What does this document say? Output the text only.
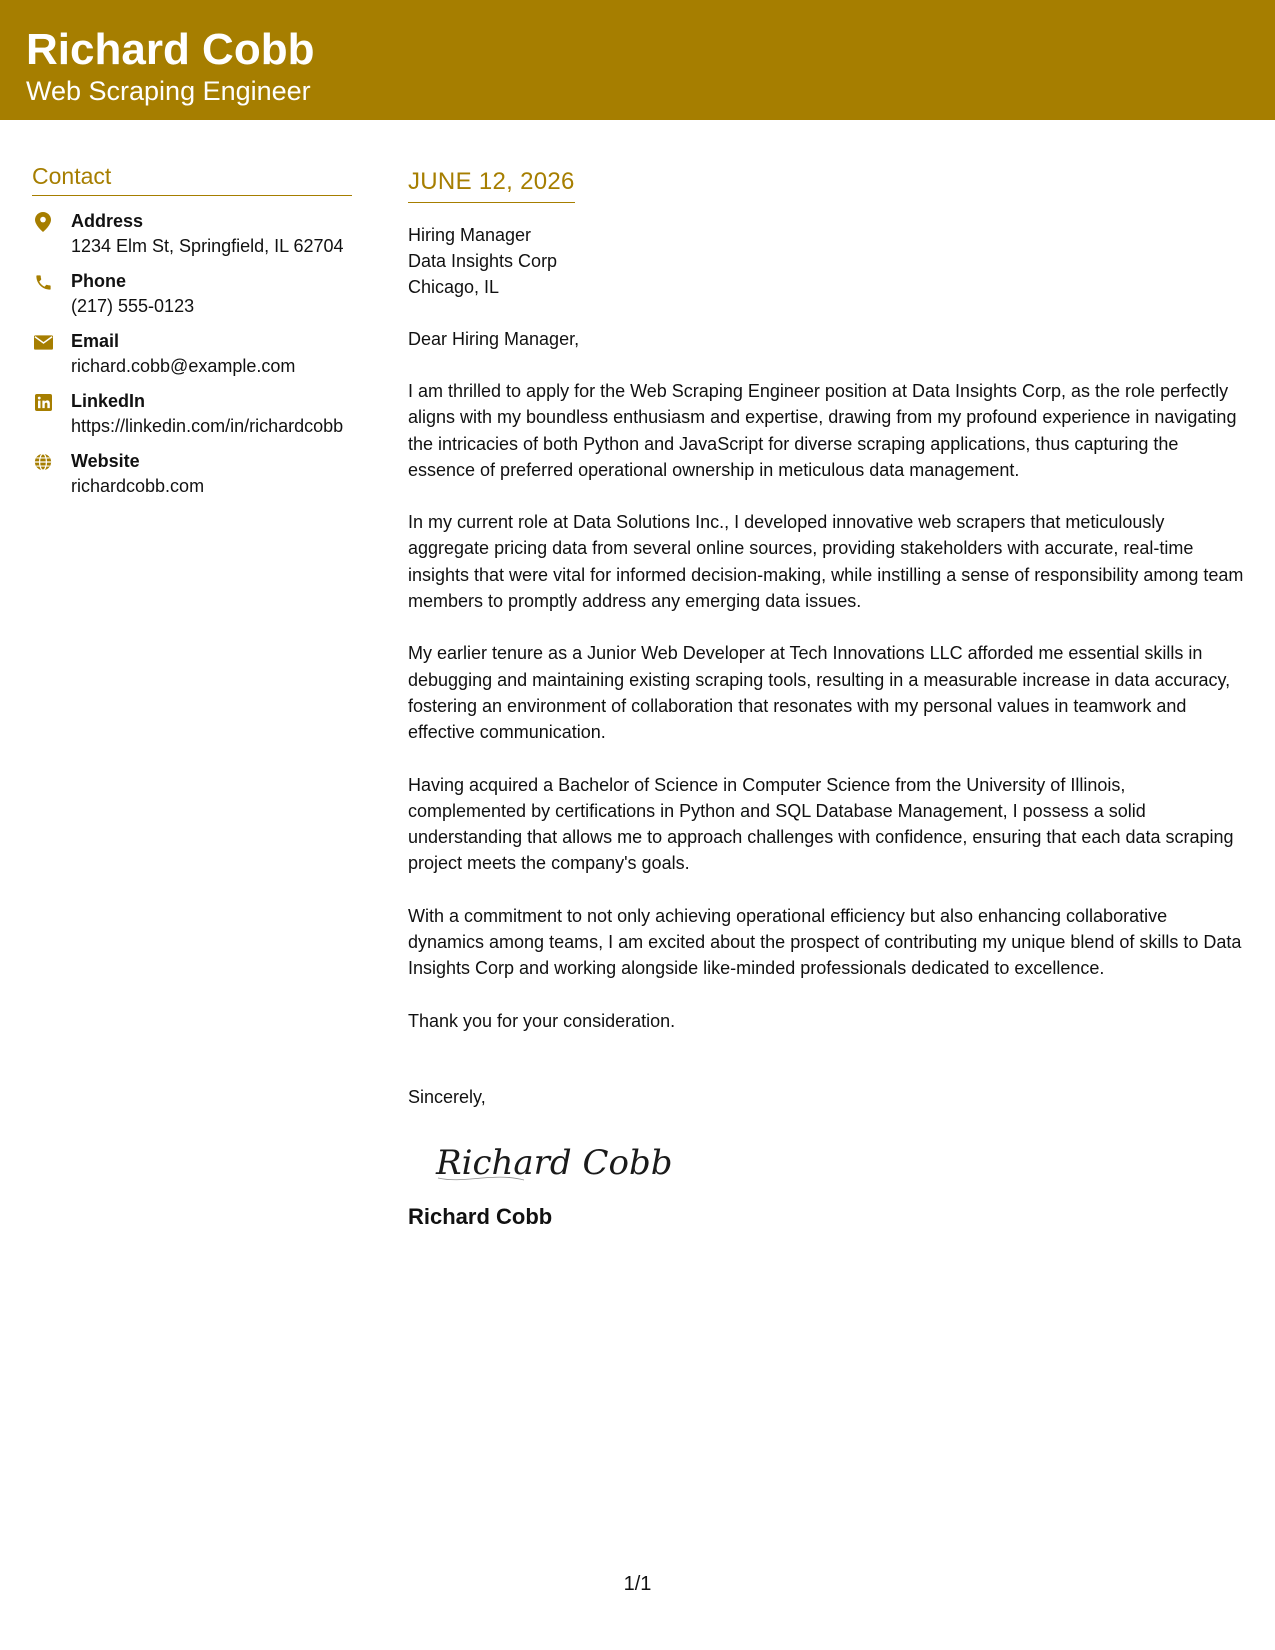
Richard Cobb
Web Scraping Engineer
Contact
Address
1234 Elm St, Springfield, IL 62704
Phone
(217) 555-0123
Email
richard.cobb@example.com
LinkedIn
https://linkedin.com/in/richardcobb
Website
richardcobb.com
JUNE 12, 2026
Hiring Manager
Data Insights Corp
Chicago, IL
Dear Hiring Manager,
I am thrilled to apply for the Web Scraping Engineer position at Data Insights Corp, as the role perfectly aligns with my boundless enthusiasm and expertise, drawing from my profound experience in navigating the intricacies of both Python and JavaScript for diverse scraping applications, thus capturing the essence of preferred operational ownership in meticulous data management.
In my current role at Data Solutions Inc., I developed innovative web scrapers that meticulously aggregate pricing data from several online sources, providing stakeholders with accurate, real-time insights that were vital for informed decision-making, while instilling a sense of responsibility among team members to promptly address any emerging data issues.
My earlier tenure as a Junior Web Developer at Tech Innovations LLC afforded me essential skills in debugging and maintaining existing scraping tools, resulting in a measurable increase in data accuracy, fostering an environment of collaboration that resonates with my personal values in teamwork and effective communication.
Having acquired a Bachelor of Science in Computer Science from the University of Illinois, complemented by certifications in Python and SQL Database Management, I possess a solid understanding that allows me to approach challenges with confidence, ensuring that each data scraping project meets the company's goals.
With a commitment to not only achieving operational efficiency but also enhancing collaborative dynamics among teams, I am excited about the prospect of contributing my unique blend of skills to Data Insights Corp and working alongside like-minded professionals dedicated to excellence.
Thank you for your consideration.
Sincerely,
Richard Cobb
Richard Cobb
1/1
